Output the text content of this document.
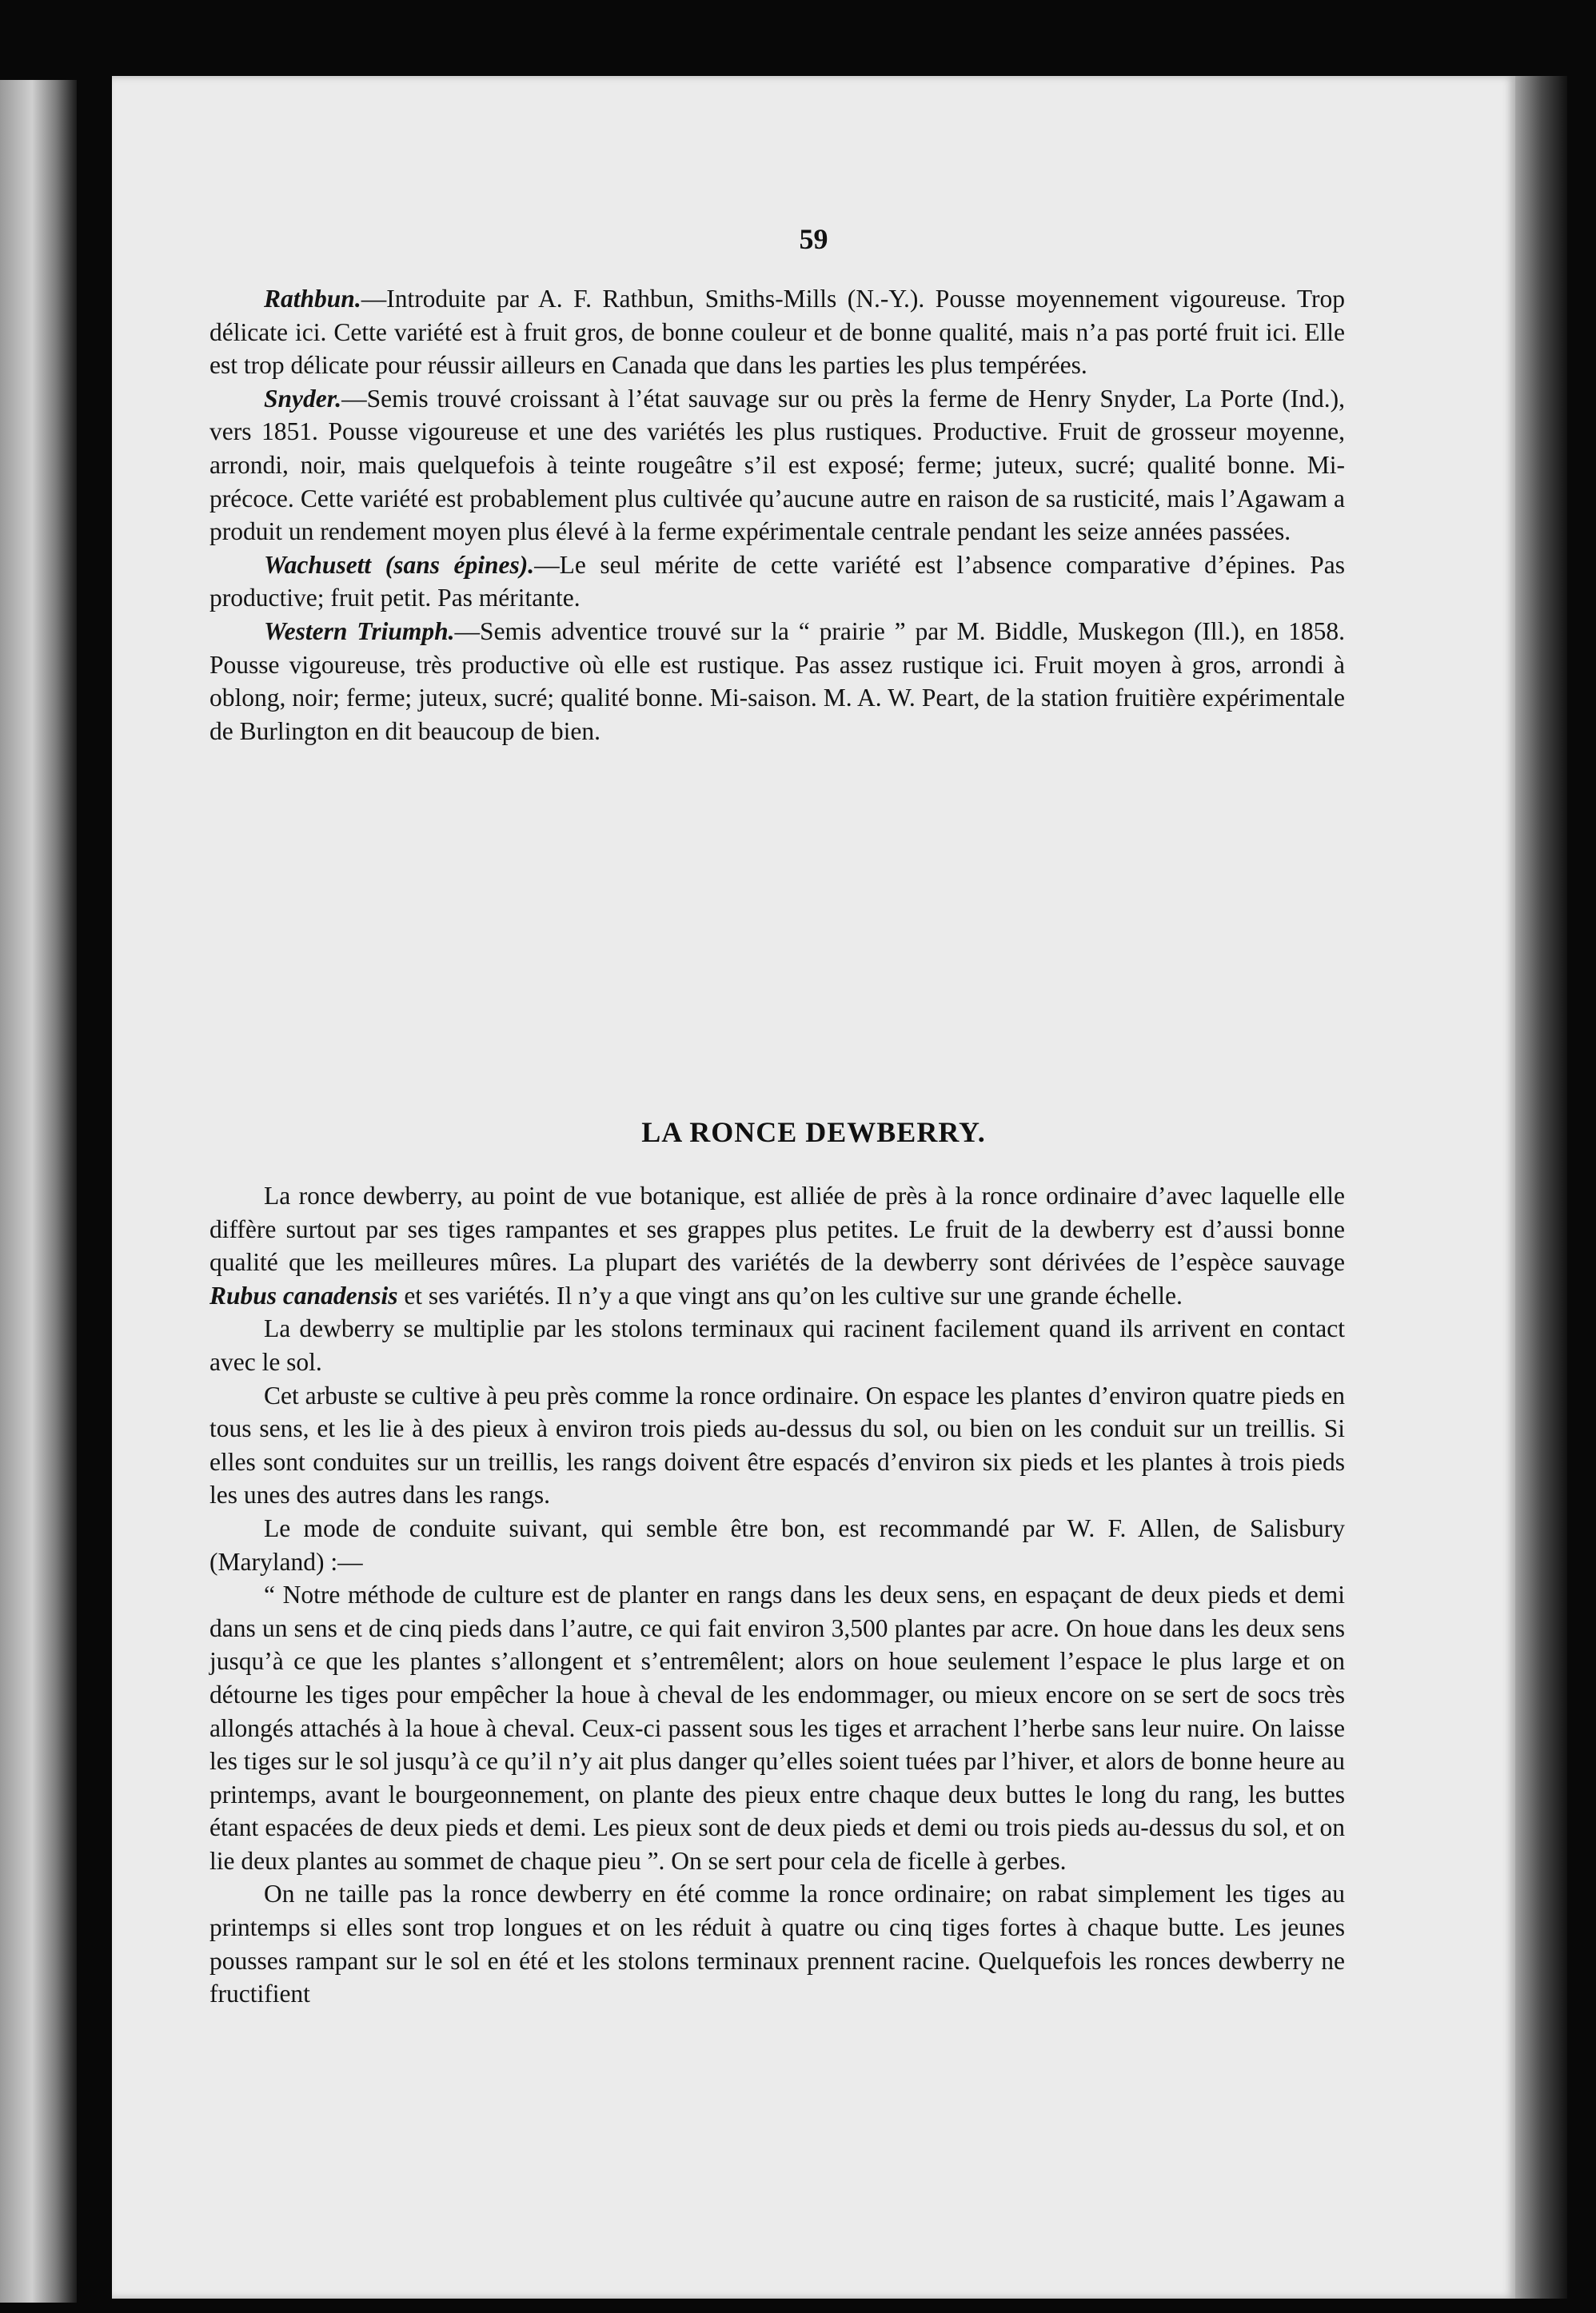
59

Rathbun.—Introduite par A. F. Rathbun, Smiths-Mills (N.-Y.). Pousse moyennement vigoureuse. Trop délicate ici. Cette variété est à fruit gros, de bonne couleur et de bonne qualité, mais n’a pas porté fruit ici. Elle est trop délicate pour réussir ailleurs en Canada que dans les parties les plus tempérées.

Snyder.—Semis trouvé croissant à l’état sauvage sur ou près la ferme de Henry Snyder, La Porte (Ind.), vers 1851. Pousse vigoureuse et une des variétés les plus rustiques. Productive. Fruit de grosseur moyenne, arrondi, noir, mais quelquefois à teinte rougeâtre s’il est exposé; ferme; juteux, sucré; qualité bonne. Mi-précoce. Cette variété est probablement plus cultivée qu’aucune autre en raison de sa rusticité, mais l’Agawam a produit un rendement moyen plus élevé à la ferme expérimentale centrale pendant les seize années passées.

Wachusett (sans épines).—Le seul mérite de cette variété est l’absence comparative d’épines. Pas productive; fruit petit. Pas méritante.

Western Triumph.—Semis adventice trouvé sur la “ prairie ” par M. Biddle, Muskegon (Ill.), en 1858. Pousse vigoureuse, très productive où elle est rustique. Pas assez rustique ici. Fruit moyen à gros, arrondi à oblong, noir; ferme; juteux, sucré; qualité bonne. Mi-saison. M. A. W. Peart, de la station fruitière expérimentale de Burlington en dit beaucoup de bien.

LA RONCE DEWBERRY.

La ronce dewberry, au point de vue botanique, est alliée de près à la ronce ordinaire d’avec laquelle elle diffère surtout par ses tiges rampantes et ses grappes plus petites. Le fruit de la dewberry est d’aussi bonne qualité que les meilleures mûres. La plupart des variétés de la dewberry sont dérivées de l’espèce sauvage Rubus canadensis et ses variétés. Il n’y a que vingt ans qu’on les cultive sur une grande échelle.

La dewberry se multiplie par les stolons terminaux qui racinent facilement quand ils arrivent en contact avec le sol.

Cet arbuste se cultive à peu près comme la ronce ordinaire. On espace les plantes d’environ quatre pieds en tous sens, et les lie à des pieux à environ trois pieds au-dessus du sol, ou bien on les conduit sur un treillis. Si elles sont conduites sur un treillis, les rangs doivent être espacés d’environ six pieds et les plantes à trois pieds les unes des autres dans les rangs.

Le mode de conduite suivant, qui semble être bon, est recommandé par W. F. Allen, de Salisbury (Maryland) :—

“ Notre méthode de culture est de planter en rangs dans les deux sens, en espaçant de deux pieds et demi dans un sens et de cinq pieds dans l’autre, ce qui fait environ 3,500 plantes par acre. On houe dans les deux sens jusqu’à ce que les plantes s’allongent et s’entremêlent; alors on houe seulement l’espace le plus large et on détourne les tiges pour empêcher la houe à cheval de les endommager, ou mieux encore on se sert de socs très allongés attachés à la houe à cheval. Ceux-ci passent sous les tiges et arrachent l’herbe sans leur nuire. On laisse les tiges sur le sol jusqu’à ce qu’il n’y ait plus danger qu’elles soient tuées par l’hiver, et alors de bonne heure au printemps, avant le bourgeonnement, on plante des pieux entre chaque deux buttes le long du rang, les buttes étant espacées de deux pieds et demi. Les pieux sont de deux pieds et demi ou trois pieds au-dessus du sol, et on lie deux plantes au sommet de chaque pieu ”. On se sert pour cela de ficelle à gerbes.

On ne taille pas la ronce dewberry en été comme la ronce ordinaire; on rabat simplement les tiges au printemps si elles sont trop longues et on les réduit à quatre ou cinq tiges fortes à chaque butte. Les jeunes pousses rampant sur le sol en été et les stolons terminaux prennent racine. Quelquefois les ronces dewberry ne fructifient
